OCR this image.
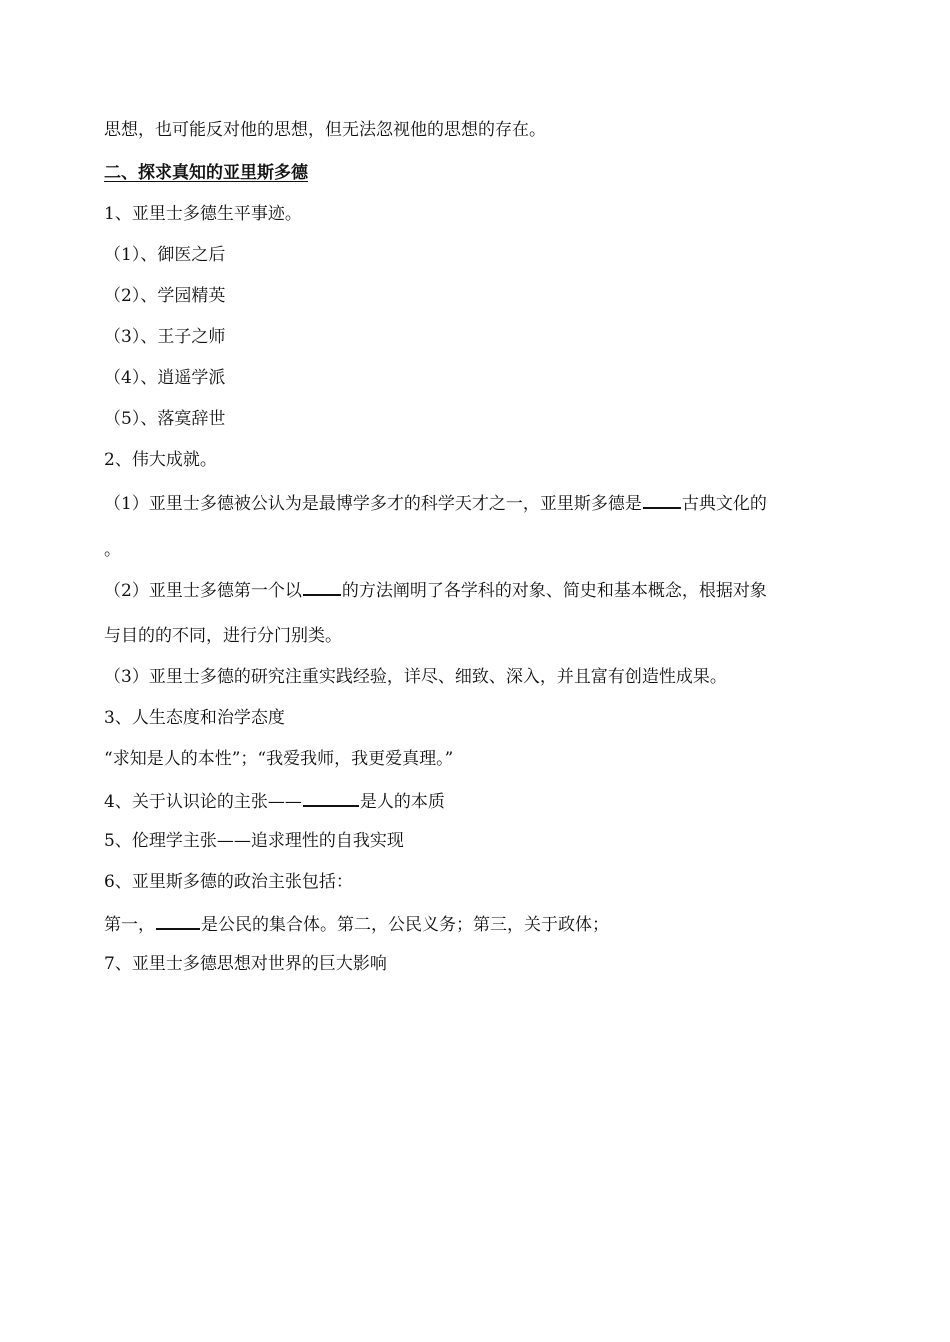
思想，也可能反对他的思想，但无法忽视他的思想的存在。
二、探求真知的亚里斯多德
1、亚里士多德生平事迹。
（1）、御医之后
（2）、学园精英
（3）、王子之师
（4）、逍遥学派
（5）、落寞辞世
2、伟大成就。
（1）亚里士多德被公认为是最博学多才的科学天才之一，亚里斯多德是 古典文化的
。
（2）亚里士多德第一个以 的方法阐明了各学科的对象、简史和基本概念，根据对象
与目的的不同，进行分门别类。
（3）亚里士多德的研究注重实践经验，详尽、细致、深入，并且富有创造性成果。
3、人生态度和治学态度
“求知是人的本性”；“我爱我师，我更爱真理。”
4、关于认识论的主张——	是人的本质
5、伦理学主张——追求理性的自我实现
6、亚里斯多德的政治主张包括：
第一，	是公民的集合体。第二，公民义务；第三，关于政体；
7、亚里士多德思想对世界的巨大影响
